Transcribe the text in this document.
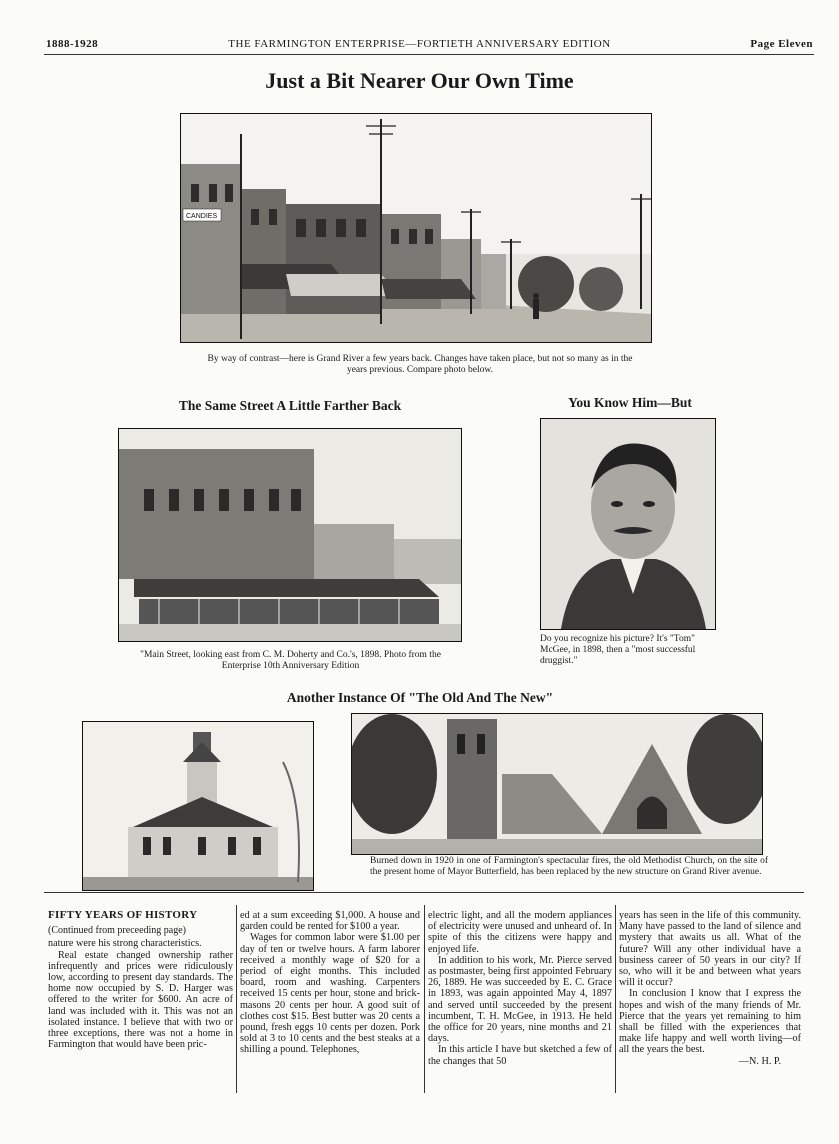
1888-1928	THE FARMINGTON ENTERPRISE—FORTIETH ANNIVERSARY EDITION	Page Eleven
Just a Bit Nearer Our Own Time
CANDIES
By way of contrast—here is Grand River a few years back. Changes have taken place, but not so many as in the years previous. Compare photo below.
The Same Street A Little Farther Back	You Know Him—But
"Main Street, looking east from C. M. Doherty and Co.'s, 1898. Photo from the Enterprise 10th Anniversary Edition
Do you recognize his picture? It's "Tom" McGee, in 1898, then a "most successful druggist."
Another Instance Of "The Old And The New"
Burned down in 1920 in one of Farmington's spectacular fires, the old Methodist Church, on the site of the present home of Mayor Butterfield, has been replaced by the new structure on Grand River avenue.
FIFTY YEARS OF HISTORY
(Continued from preceeding page)

nature were his strong characteristics.

Real estate changed ownership rather infrequently and prices were ridiculously low, according to present day standards. The home now occupied by S. D. Harger was offered to the writer for $600. An acre of land was included with it. This was not an isolated instance. I believe that with two or three exceptions, there was not a home in Farmington that would have been pric-

ed at a sum exceeding $1,000. A house and garden could be rented for $100 a year.

Wages for common labor were $1.00 per day of ten or twelve hours. A farm laborer received a monthly wage of $20 for a period of eight months. This included board, room and washing. Carpenters received 15 cents per hour, stone and brick-masons 20 cents per hour. A good suit of clothes cost $15. Best butter was 20 cents a pound, fresh eggs 10 cents per dozen. Pork sold at 3 to 10 cents and the best steaks at a shilling a pound. Telephones,

electric light, and all the modern appliances of electricity were unused and unheard of. In spite of this the citizens were happy and enjoyed life.

In addition to his work, Mr. Pierce served as postmaster, being first appointed February 26, 1889. He was succeeded by E. C. Grace in 1893, was again appointed May 4, 1897 and served until succeeded by the present incumbent, T. H. McGee, in 1913. He held the office for 20 years, nine months and 21 days.

In this article I have but sketched a few of the changes that 50

years has seen in the life of this community. Many have passed to the land of silence and mystery that awaits us all. What of the future? Will any other individual have a business career of 50 years in our city? If so, who will it be and between what years will it occur?

In conclusion I know that I express the hopes and wish of the many friends of Mr. Pierce that the years yet remaining to him shall be filled with the experiences that make life happy and well worth living—of all the years the best.

—N. H. P.
